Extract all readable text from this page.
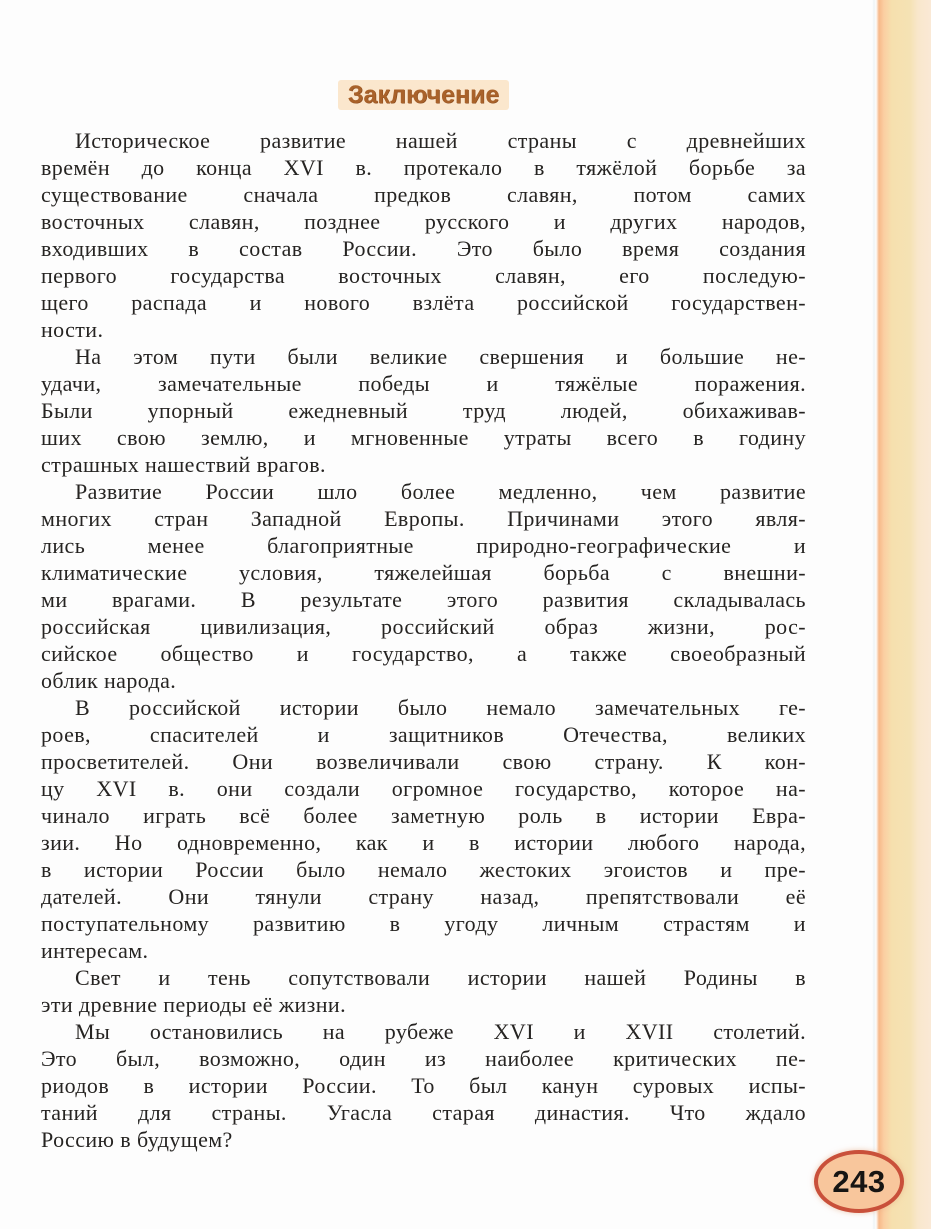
Заключение
Историческое развитие нашей страны с древнейших
времён до конца XVI в. протекало в тяжёлой борьбе за
существование сначала предков славян, потом самих
восточных славян, позднее русского и других народов,
входивших в состав России. Это было время создания
первого государства восточных славян, его последую-
щего распада и нового взлёта российской государствен-
ности.
На этом пути были великие свершения и большие не-
удачи, замечательные победы и тяжёлые поражения.
Были упорный ежедневный труд людей, обихаживав-
ших свою землю, и мгновенные утраты всего в годину
страшных нашествий врагов.
Развитие России шло более медленно, чем развитие
многих стран Западной Европы. Причинами этого явля-
лись менее благоприятные природно-географические и
климатические условия, тяжелейшая борьба с внешни-
ми врагами. В результате этого развития складывалась
российская цивилизация, российский образ жизни, рос-
сийское общество и государство, а также своеобразный
облик народа.
В российской истории было немало замечательных ге-
роев, спасителей и защитников Отечества, великих
просветителей. Они возвеличивали свою страну. К кон-
цу XVI в. они создали огромное государство, которое на-
чинало играть всё более заметную роль в истории Евра-
зии. Но одновременно, как и в истории любого народа,
в истории России было немало жестоких эгоистов и пре-
дателей. Они тянули страну назад, препятствовали её
поступательному развитию в угоду личным страстям и
интересам.
Свет и тень сопутствовали истории нашей Родины в
эти древние периоды её жизни.
Мы остановились на рубеже XVI и XVII столетий.
Это был, возможно, один из наиболее критических пе-
риодов в истории России. То был канун суровых испы-
таний для страны. Угасла старая династия. Что ждало
Россию в будущем?
243
